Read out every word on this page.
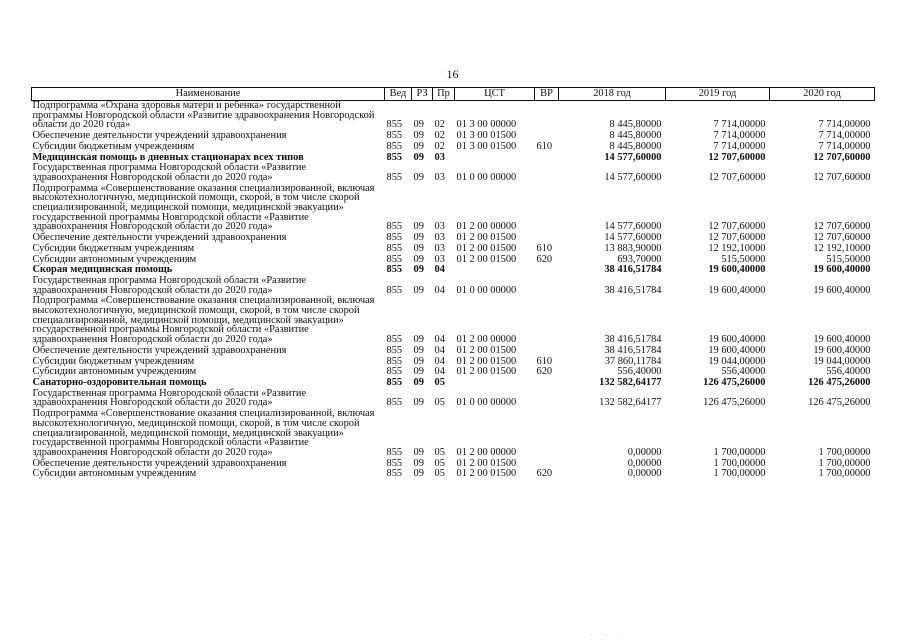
16
Наименование	Вед	РЗ	Пр	ЦСТ	ВР	2018 год	2019 год	2020 год
Подпрограмма «Охрана здоровья матери и ребенка» государственной программы Новгородской области «Развитие здравоохранения Новгородской области до 2020 года»	855	09	02	01 3 00 00000		8 445,80000	7 714,00000	7 714,00000
Обеспечение деятельности учреждений здравоохранения	855	09	02	01 3 00 01500		8 445,80000	7 714,00000	7 714,00000
Субсидии бюджетным учреждениям	855	09	02	01 3 00 01500	610	8 445,80000	7 714,00000	7 714,00000
Медицинская помощь в дневных стационарах всех типов	855	09	03			14 577,60000	12 707,60000	12 707,60000
Государственная программа Новгородской области «Развитие здравоохранения Новгородской области до 2020 года»	855	09	03	01 0 00 00000		14 577,60000	12 707,60000	12 707,60000
Подпрограмма «Совершенствование оказания специализированной, включая высокотехнологичную, медицинской помощи, скорой, в том числе скорой специализированной, медицинской помощи, медицинской эвакуации» государственной программы Новгородской области «Развитие здравоохранения Новгородской области до 2020 года»	855	09	03	01 2 00 00000		14 577,60000	12 707,60000	12 707,60000
Обеспечение деятельности учреждений здравоохранения	855	09	03	01 2 00 01500		14 577,60000	12 707,60000	12 707,60000
Субсидии бюджетным учреждениям	855	09	03	01 2 00 01500	610	13 883,90000	12 192,10000	12 192,10000
Субсидии автономным учреждениям	855	09	03	01 2 00 01500	620	693,70000	515,50000	515,50000
Скорая медицинская помощь	855	09	04			38 416,51784	19 600,40000	19 600,40000
Государственная программа Новгородской области «Развитие здравоохранения Новгородской области до 2020 года»	855	09	04	01 0 00 00000		38 416,51784	19 600,40000	19 600,40000
Подпрограмма «Совершенствование оказания специализированной, включая высокотехнологичную, медицинской помощи, скорой, в том числе скорой специализированной, медицинской помощи, медицинской эвакуации» государственной программы Новгородской области «Развитие здравоохранения Новгородской области до 2020 года»	855	09	04	01 2 00 00000		38 416,51784	19 600,40000	19 600,40000
Обеспечение деятельности учреждений здравоохранения	855	09	04	01 2 00 01500		38 416,51784	19 600,40000	19 600,40000
Субсидии бюджетным учреждениям	855	09	04	01 2 00 01500	610	37 860,11784	19 044,00000	19 044,00000
Субсидии автономным учреждениям	855	09	04	01 2 00 01500	620	556,40000	556,40000	556,40000
Санаторно-оздоровительная помощь	855	09	05			132 582,64177	126 475,26000	126 475,26000
Государственная программа Новгородской области «Развитие здравоохранения Новгородской области до 2020 года»	855	09	05	01 0 00 00000		132 582,64177	126 475,26000	126 475,26000
Подпрограмма «Совершенствование оказания специализированной, включая высокотехнологичную, медицинской помощи, скорой, в том числе скорой специализированной, медицинской помощи, медицинской эвакуации» государственной программы Новгородской области «Развитие здравоохранения Новгородской области до 2020 года»	855	09	05	01 2 00 00000		0,00000	1 700,00000	1 700,00000
Обеспечение деятельности учреждений здравоохранения	855	09	05	01 2 00 01500		0,00000	1 700,00000	1 700,00000
Субсидии автономным учреждениям	855	09	05	01 2 00 01500	620	0,00000	1 700,00000	1 700,00000
· · ·
